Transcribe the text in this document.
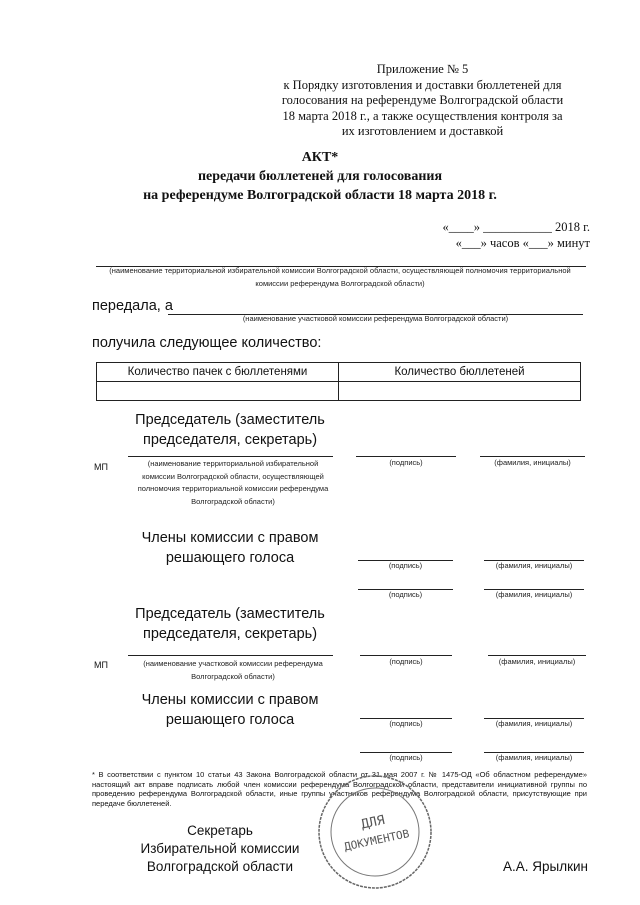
Приложение № 5
к Порядку изготовления и доставки бюллетеней для
голосования на референдуме Волгоградской области
18 марта 2018 г., а также осуществления контроля за
их изготовлением и доставкой
АКТ*
передачи бюллетеней для голосования
на референдуме Волгоградской области 18 марта 2018 г.
«____» ___________ 2018 г.
«___» часов «___» минут
(наименование территориальной избирательной комиссии Волгоградской области, осуществляющей полномочия территориальной
комиссии референдума Волгоградской области)
передала, а
(наименование участковой комиссии референдума Волгоградской области)
получила следующее количество:
Количество пачек с бюллетенями	Количество бюллетеней

Председатель (заместитель председателя, секретарь)
МП	(наименование территориальной избирательной
комиссии Волгоградской области, осуществляющей
полномочия территориальной комиссии референдума
Волгоградской области)
(подпись)	(фамилия, инициалы)
Члены комиссии с правом решающего голоса	(подпись)	(фамилия, инициалы)
(подпись)	(фамилия, инициалы)
Председатель (заместитель председателя, секретарь)
МП	(наименование участковой комиссии референдума
Волгоградской области)
(подпись)	(фамилия, инициалы)
Члены комиссии с правом решающего голоса	(подпись)	(фамилия, инициалы)
(подпись)	(фамилия, инициалы)
* В соответствии с пунктом 10 статьи 43 Закона Волгоградской области от 31 мая 2007 г. № 1475-ОД «Об областном референдуме» настоящий акт вправе подписать любой член комиссии референдума Волгоградской области, представители инициативной группы по проведению референдума Волгоградской области, иные группы участников референдума Волгоградской области, присутствующие при передаче бюллетеней.
ДЛЯ
ДОКУМЕНТОВ
Секретарь
Избирательной комиссии
Волгоградской области	А.А. Ярылкин
